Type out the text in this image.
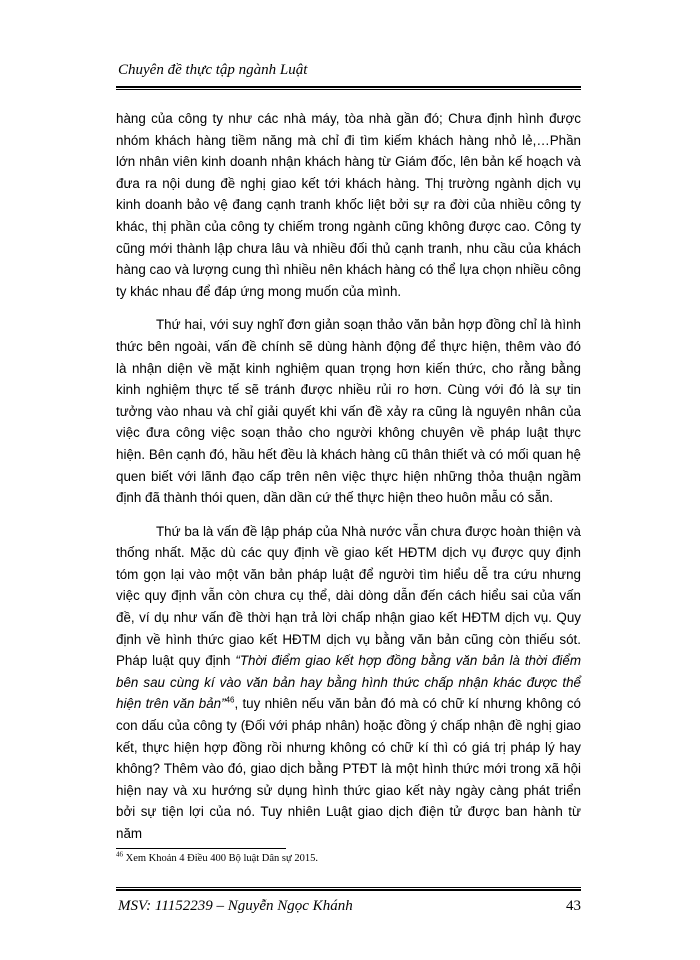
Chuyên đề thực tập ngành Luật

hàng của công ty như các nhà máy, tòa nhà gần đó; Chưa định hình được nhóm khách hàng tiềm năng mà chỉ đi tìm kiếm khách hàng nhỏ lẻ,…Phần lớn nhân viên kinh doanh nhận khách hàng từ Giám đốc, lên bản kế hoạch và đưa ra nội dung đề nghị giao kết tới khách hàng. Thị trường ngành dịch vụ kinh doanh bảo vệ đang cạnh tranh khốc liệt bởi sự ra đời của nhiều công ty khác, thị phần của công ty chiếm trong ngành cũng không được cao. Công ty cũng mới thành lập chưa lâu và nhiều đối thủ cạnh tranh, nhu cầu của khách hàng cao và lượng cung thì nhiều nên khách hàng có thể lựa chọn nhiều công ty khác nhau để đáp ứng mong muốn của mình.

Thứ hai, với suy nghĩ đơn giản soạn thảo văn bản hợp đồng chỉ là hình thức bên ngoài, vấn đề chính sẽ dùng hành động để thực hiện, thêm vào đó là nhận diện về mặt kinh nghiệm quan trọng hơn kiến thức, cho rằng bằng kinh nghiệm thực tế sẽ tránh được nhiều rủi ro hơn. Cùng với đó là sự tin tưởng vào nhau và chỉ giải quyết khi vấn đề xảy ra cũng là nguyên nhân của việc đưa công việc soạn thảo cho người không chuyên về pháp luật thực hiện. Bên cạnh đó, hầu hết đều là khách hàng cũ thân thiết và có mối quan hệ quen biết với lãnh đạo cấp trên nên việc thực hiện những thỏa thuận ngầm định đã thành thói quen, dần dần cứ thế thực hiện theo huôn mẫu có sẵn.

Thứ ba là vấn đề lập pháp của Nhà nước vẫn chưa được hoàn thiện và thống nhất. Mặc dù các quy định về giao kết HĐTM dịch vụ được quy định tóm gọn lại vào một văn bản pháp luật để người tìm hiểu dễ tra cứu nhưng việc quy định vẫn còn chưa cụ thể, dài dòng dẫn đến cách hiểu sai của vấn đề, ví dụ như vấn đề thời hạn trả lời chấp nhận giao kết HĐTM dịch vụ. Quy định về hình thức giao kết HĐTM dịch vụ bằng văn bản cũng còn thiếu sót. Pháp luật quy định “Thời điểm giao kết hợp đồng bằng văn bản là thời điểm bên sau cùng kí vào văn bản hay bằng hình thức chấp nhận khác được thể hiện trên văn bản”$^{46}$, tuy nhiên nếu văn bản đó mà có chữ kí nhưng không có con dấu của công ty (Đối với pháp nhân) hoặc đồng ý chấp nhận đề nghị giao kết, thực hiện hợp đồng rồi nhưng không có chữ kí thì có giá trị pháp lý hay không? Thêm vào đó, giao dịch bằng PTĐT là một hình thức mới trong xã hội hiện nay và xu hướng sử dụng hình thức giao kết này ngày càng phát triển bởi sự tiện lợi của nó. Tuy nhiên Luật giao dịch điện tử được ban hành từ năm

$^{46}$ Xem Khoản 4 Điều 400 Bộ luật Dân sự 2015.
MSV: 11152239 – Nguyễn Ngọc Khánh	43
